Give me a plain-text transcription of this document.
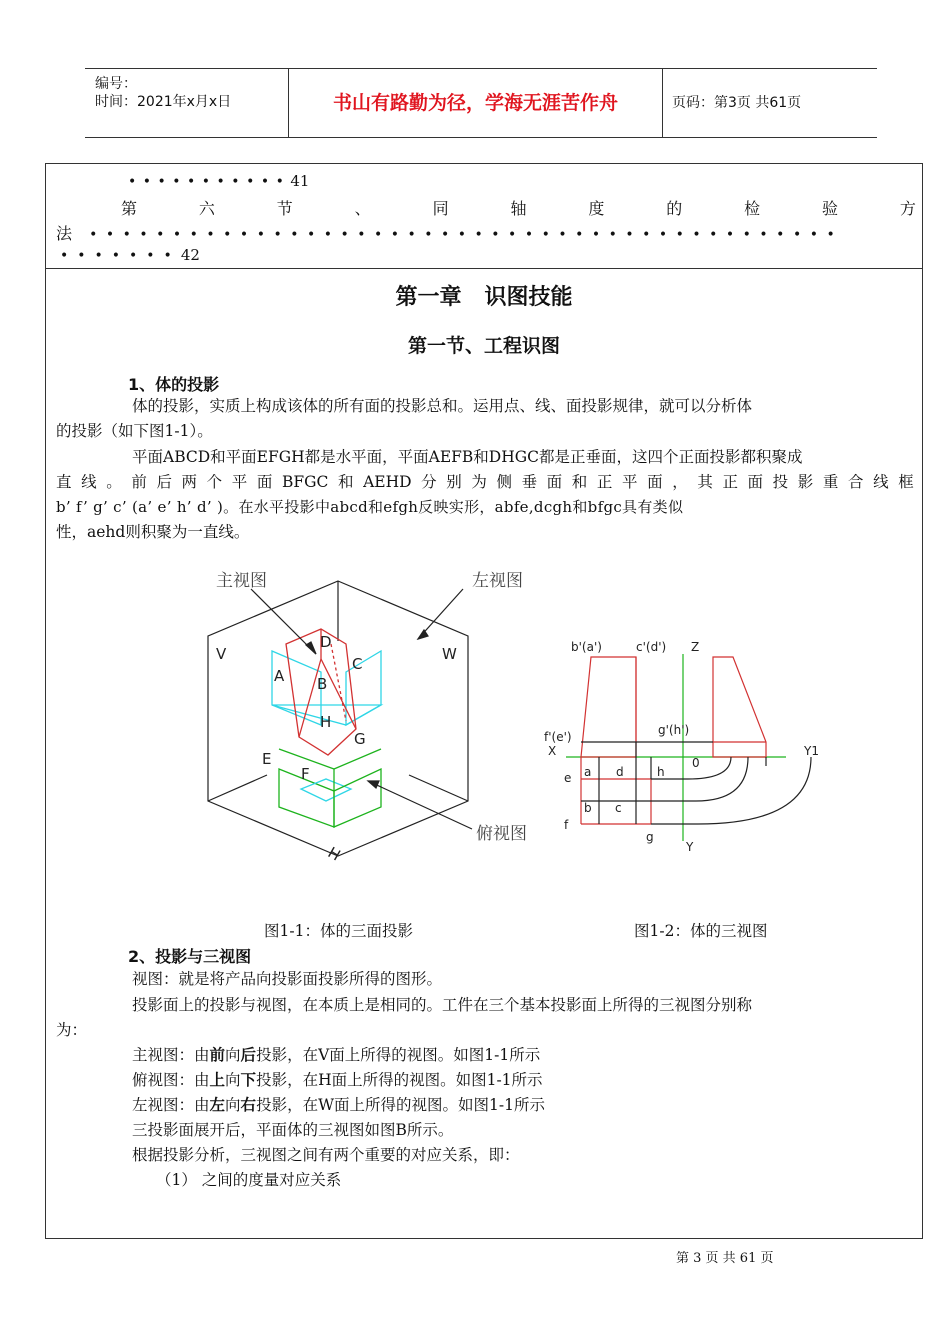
编号：
时间：2021年x月x日	书山有路勤为径，学海无涯苦作舟	页码：第3页 共61页
•••••••••••41
第	六	节	、	同	轴	度	的	检	验	方
法 •••••••••••••••••••••••••••••••••••••••••••••
•••••••42
第一章   识图技能
第一节、工程识图
1、体的投影
体的投影，实质上构成该体的所有面的投影总和。运用点、线、面投影规律，就可以分析体
的投影（如下图1-1）。
平面ABCD和平面EFGH都是水平面，平面AEFB和DHGC都是正垂面，这四个正面投影都积聚成
直 线 。 前 后 两 个 平 面 BFGC 和 AEHD 分 别 为 侧 垂 面 和 正 平 面 ， 其 正 面 投 影 重 合 线 框
b’ f’ g’ c’ (a’ e’ h’ d’ )。在水平投影中abcd和efgh反映实形，abfe,dcgh和bfgc具有类似
性，aehd则积聚为一直线。
主视图	左视图
俯视图
V	W
H
A B
C
D
E
F
G
H
b'(a')	c'(d') Z
g'(h')
f'(e')
X	Y1
e a d	h
0
b c
f
g
Y
图1-1：体的三面投影	图1-2：体的三视图
2、投影与三视图
视图：就是将产品向投影面投影所得的图形。
投影面上的投影与视图，在本质上是相同的。工件在三个基本投影面上所得的三视图分别称
为：
主视图：由前向后投影，在V面上所得的视图。如图1-1所示
俯视图：由上向下投影，在H面上所得的视图。如图1-1所示
左视图：由左向右投影，在W面上所得的视图。如图1-1所示
三投影面展开后，平面体的三视图如图B所示。
根据投影分析，三视图之间有两个重要的对应关系，即：
（1） 之间的度量对应关系
第 3 页 共 61 页
